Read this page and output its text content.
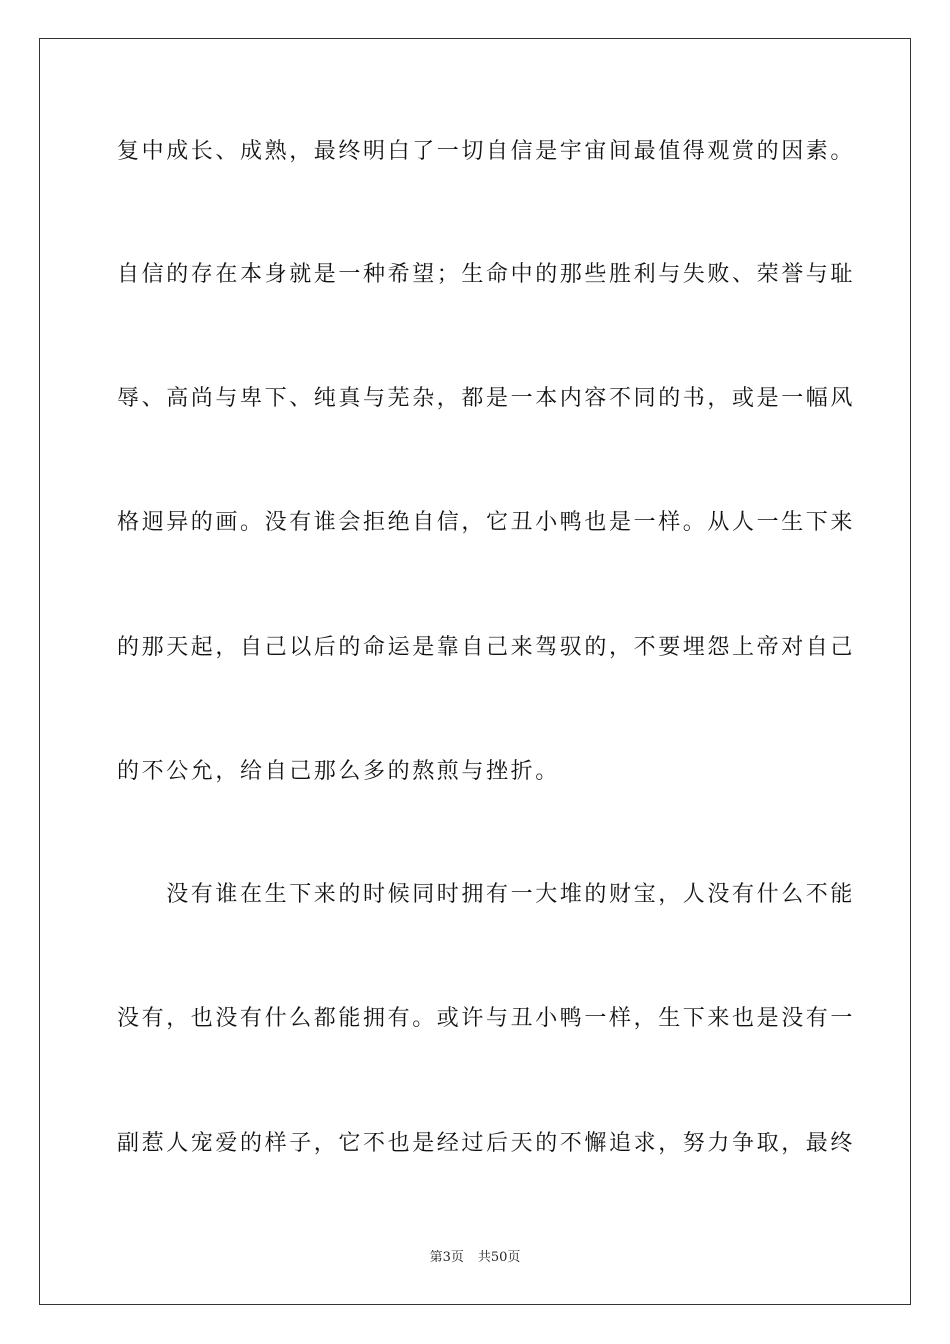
复中成长、成熟，最终明白了一切自信是宇宙间最值得观赏的因素。
自信的存在本身就是一种希望；生命中的那些胜利与失败、荣誉与耻
辱、高尚与卑下、纯真与芜杂，都是一本内容不同的书，或是一幅风
格迥异的画。没有谁会拒绝自信，它丑小鸭也是一样。从人一生下来
的那天起，自己以后的命运是靠自己来驾驭的，不要埋怨上帝对自己
的不公允，给自己那么多的熬煎与挫折。
　　没有谁在生下来的时候同时拥有一大堆的财宝，人没有什么不能
没有，也没有什么都能拥有。或许与丑小鸭一样，生下来也是没有一
副惹人宠爱的样子，它不也是经过后天的不懈追求，努力争取，最终
第3页 共50页
